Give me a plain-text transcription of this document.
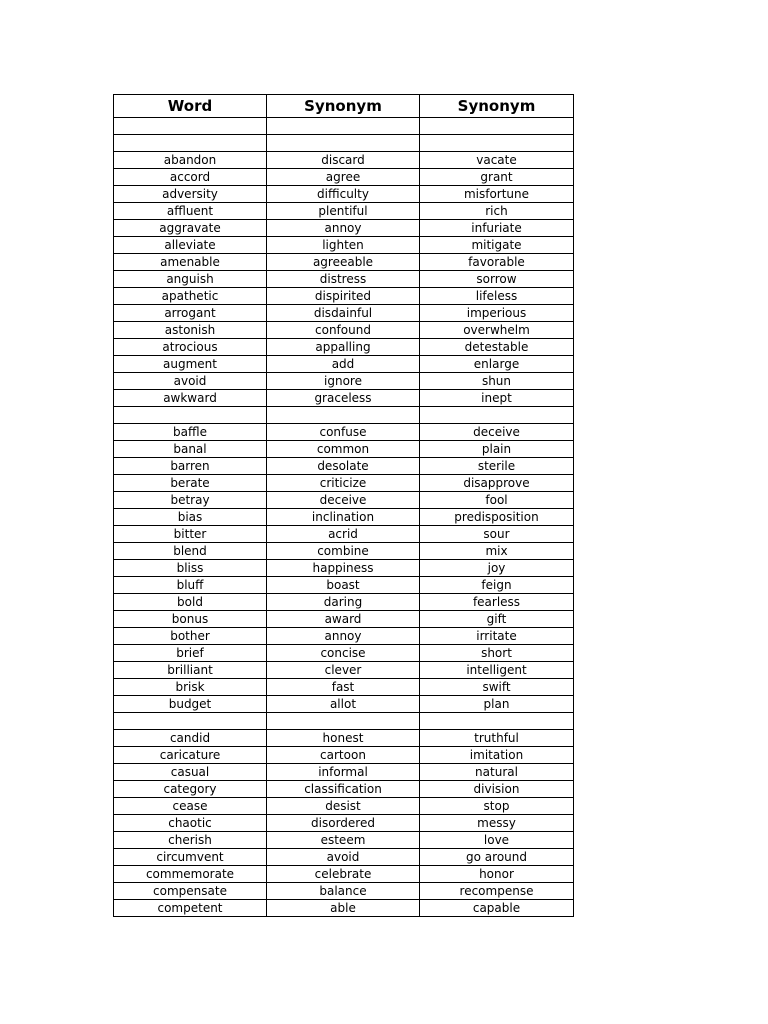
Word	Synonym	Synonym

abandon	discard	vacate
accord	agree	grant
adversity	difficulty	misfortune
affluent	plentiful	rich
aggravate	annoy	infuriate
alleviate	lighten	mitigate
amenable	agreeable	favorable
anguish	distress	sorrow
apathetic	dispirited	lifeless
arrogant	disdainful	imperious
astonish	confound	overwhelm
atrocious	appalling	detestable
augment	add	enlarge
avoid	ignore	shun
awkward	graceless	inept

baffle	confuse	deceive
banal	common	plain
barren	desolate	sterile
berate	criticize	disapprove
betray	deceive	fool
bias	inclination	predisposition
bitter	acrid	sour
blend	combine	mix
bliss	happiness	joy
bluff	boast	feign
bold	daring	fearless
bonus	award	gift
bother	annoy	irritate
brief	concise	short
brilliant	clever	intelligent
brisk	fast	swift
budget	allot	plan

candid	honest	truthful
caricature	cartoon	imitation
casual	informal	natural
category	classification	division
cease	desist	stop
chaotic	disordered	messy
cherish	esteem	love
circumvent	avoid	go around
commemorate	celebrate	honor
compensate	balance	recompense
competent	able	capable
